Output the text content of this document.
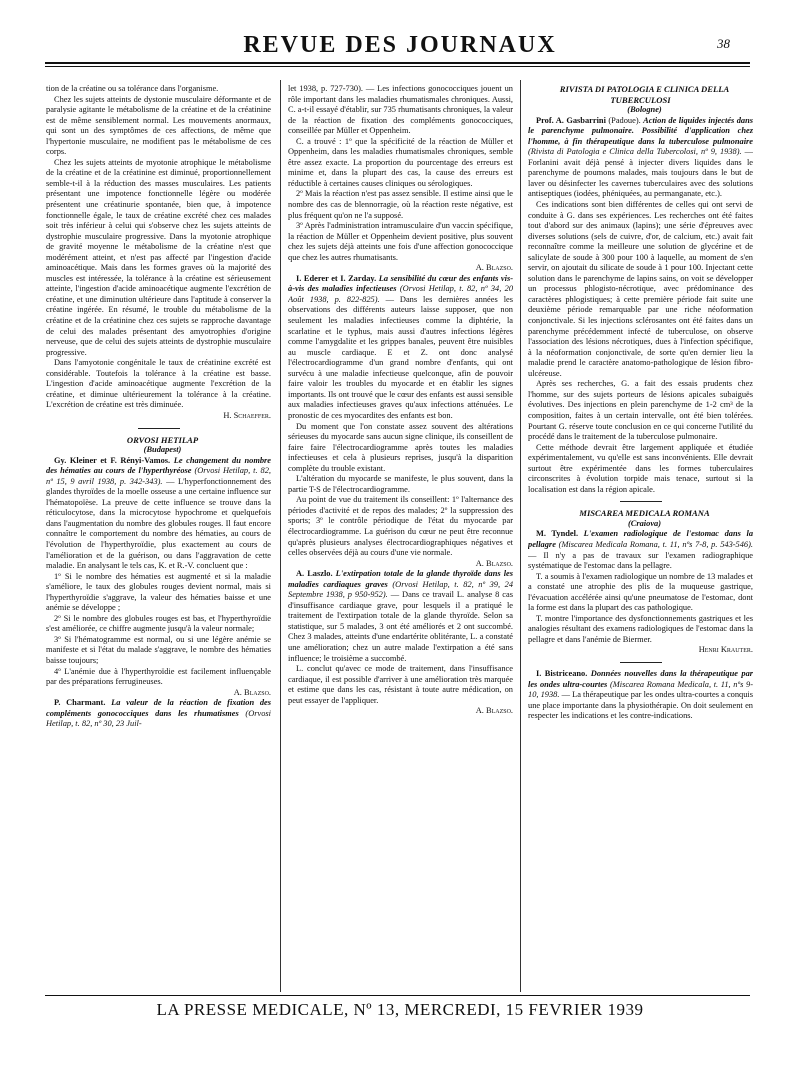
REVUE DES JOURNAUX	38

tion de la créatine ou sa tolérance dans l'organisme.

Chez les sujets atteints de dystonie musculaire déformante et de paralysie agitante le métabolisme de la créatine et de la créatinine est de même sensiblement normal. Les mouvements anormaux, qui sont un des symptômes de ces affections, de même que l'hypertonie musculaire, ne modifient pas le métabolisme de ces corps.

Chez les sujets atteints de myotonie atrophique le métabolisme de la créatine et de la créatinine est diminué, proportionnellement semble-t-il à la réduction des masses musculaires. Les patients présentant une impotence fonctionnelle légère ou modérée présentent une créatinurie spontanée, bien que, à impotence fonctionnelle égale, le taux de créatine excrété chez ces malades soit très inférieur à celui qui s'observe chez les sujets atteints de dystrophie musculaire progressive. Dans la myotonie atrophique de gravité moyenne le métabolisme de la créatine n'est que modérément atteint, et n'est pas affecté par l'ingestion d'acide aminoacétique. Mais dans les formes graves où la majorité des muscles est intéressée, la tolérance à la créatine est sérieusement atteinte, l'ingestion d'acide aminoacétique augmente l'excrétion de créatine, et une diminution ultérieure dans l'aptitude à conserver la créatine ingérée. En résumé, le trouble du métabolisme de la créatine et de la créatinine chez ces sujets se rapproche davantage de celui des malades présentant des amyotrophies d'origine nerveuse, que de celui des sujets atteints de dystrophie musculaire progressive.

Dans l'amyotonie congénitale le taux de créatinine excrété est considérable. Toutefois la tolérance à la créatine est basse. L'ingestion d'acide aminoacétique augmente l'excrétion de la créatine, et diminue ultérieurement la tolérance à la créatine. L'excrétion de créatine est très diminuée.

H. Schaeffer.

ORVOSI HETILAP

(Budapest)

Gy. Kleiner et F. Rényi-Vamos. Le changement du nombre des hématies au cours de l'hyperthyréose (Orvosi Hetilap, t. 82, nº 15, 9 avril 1938, p. 342-343). — L'hyperfonctionnement des glandes thyroïdes de la moelle osseuse a une certaine influence sur l'hématopoïèse. La preuve de cette influence se trouve dans la réticulocytose, dans la microcytose hypochrome et quelquefois dans l'augmentation du nombre des globules rouges. Il faut encore connaître le comportement du nombre des hématies, au cours de l'évolution de l'hyperthyroïdie, plus exactement au cours de l'amélioration et de la guérison, ou dans l'aggravation de cette maladie. En analysant le tels cas, K. et R.-V. concluent que :

1º Si le nombre des hématies est augmenté et si la maladie s'améliore, le taux des globules rouges devient normal, mais si l'hyperthyroïdie s'aggrave, la valeur des hématies baisse et une anémie se développe ;

2º Si le nombre des globules rouges est bas, et l'hyperthyroïdie s'est améliorée, ce chiffre augmente jusqu'à la valeur normale;

3º Si l'hématogramme est normal, ou si une légère anémie se manifeste et si l'état du malade s'aggrave, le nombre des hématies baisse toujours;

4º L'anémie due à l'hyperthyroïdie est facilement influençable par des préparations ferrugineuses.

A. Blazso.

P. Charmant. La valeur de la réaction de fixation des compléments gonococciques dans les rhumatismes (Orvosi Hetilap, t. 82, nº 30, 23 Juil-

let 1938, p. 727-730). — Les infections gonococciques jouent un rôle important dans les maladies rhumatismales chroniques. Aussi, C. a-t-il essayé d'établir, sur 735 rhumatisants chroniques, la valeur de la réaction de fixation des compléments gonococciques, conseillée par Müller et Oppenheim.

C. a trouvé : 1º que la spécificité de la réaction de Müller et Oppenheim, dans les maladies rhumatismales chroniques, semble être assez exacte. La proportion du pourcentage des erreurs est minime et, dans la plupart des cas, la cause des erreurs est réductible à certaines causes cliniques ou sérologiques.

2º Mais la réaction n'est pas assez sensible. Il estime ainsi que le nombre des cas de blennorragie, où la réaction reste négative, est plus fréquent qu'on ne l'a supposé.

3º Après l'administration intramusculaire d'un vaccin spécifique, la réaction de Müller et Oppenheim devient positive, plus souvent chez les sujets déjà atteints une fois d'une affection gonococcique que chez les autres rhumatisants.

A. Blazso.

I. Ederer et I. Zarday. La sensibilité du cœur des enfants vis-à-vis des maladies infectieuses (Orvosi Hetilap, t. 82, nº 34, 20 Août 1938, p. 822-825). — Dans les dernières années les observations des différents auteurs laisse supposer, que non seulement les maladies infectieuses comme la diphtérie, la scarlatine et le typhus, mais aussi d'autres infections légères comme l'amygdalite et les grippes banales, peuvent être nuisibles au muscle cardiaque. E et Z. ont donc analysé l'électrocardiogramme d'un grand nombre d'enfants, qui ont survécu à une maladie infectieuse quelconque, afin de pouvoir faire valoir les troubles du myocarde et en établir les signes importants. Ils ont trouvé que le cœur des enfants est aussi sensible aux maladies infectieuses graves qu'aux infections atténuées. Le pronostic de ces myocardites des enfants est bon.

Du moment que l'on constate assez souvent des altérations sérieuses du myocarde sans aucun signe clinique, ils conseillent de faire faire l'électrocardiogramme après toutes les maladies infectieuses et cela à plusieurs reprises, jusqu'à la disparition complète du trouble existant.

L'altération du myocarde se manifeste, le plus souvent, dans la partie T-S de l'électrocardiogramme.

Au point de vue du traitement ils conseillent: 1º l'alternance des périodes d'activité et de repos des malades; 2º la suppression des sports; 3º le contrôle périodique de l'état du myocarde par électrocardiogramme. La guérison du cœur ne peut être reconnue qu'après plusieurs analyses électrocardiographiques négatives et celles observées déjà au cours d'une vie normale.

A. Blazso.

A. Laszlo. L'extirpation totale de la glande thyroïde dans les maladies cardiaques graves (Orvosi Hetilap, t. 82, nº 39, 24 Septembre 1938, p 950-952). — Dans ce travail L. analyse 8 cas d'insuffisance cardiaque grave, pour lesquels il a pratiqué le traitement de l'extirpation totale de la glande thyroïde. Selon sa statistique, sur 5 malades, 3 ont été améliorés et 2 ont succombé. Chez 3 malades, atteints d'une endartérite oblitérante, L. a constaté une amélioration; chez un autre malade l'extirpation a été sans influence; le troisième a succombé.

L. conclut qu'avec ce mode de traitement, dans l'insuffisance cardiaque, il est possible d'arriver à une amélioration très marquée et estime que dans les cas, résistant à toute autre médication, on peut essayer de l'appliquer.

A. Blazso.

RIVISTA DI PATOLOGIA E CLINICA DELLA TUBERCULOSI

(Bologne)

Prof. A. Gasbarrini (Padoue). Action de liquides injectés dans le parenchyme pulmonaire. Possibilité d'application chez l'homme, à fin thérapeutique dans la tuberculose pulmonaire (Rivista di Patologia e Clinica della Tubercolosi, nº 9, 1938). — Forlanini avait déjà pensé à injecter divers liquides dans le parenchyme de poumons malades, mais toujours dans le but de laver ou désinfecter les cavernes tuberculaires avec des solutions antiseptiques (iodées, phéniquées, au permanganate, etc.).

Ces indications sont bien différentes de celles qui ont servi de conduite à G. dans ses expériences. Les recherches ont été faites tout d'abord sur des animaux (lapins); une série d'épreuves avec diverses solutions (sels de cuivre, d'or, de calcium, etc.) avait fait reconnaître comme la meilleure une solution de glycérine et de salicylate de soude à 300 pour 100 à laquelle, au moment de s'en servir, on ajoutait du silicate de soude à 1 pour 100. Injectant cette solution dans le parenchyme de lapins sains, on voit se développer un processus phlogisto-nécrotique, avec prédominance des caractères phlogistiques; à cette première période fait suite une deuxième période remarquable par une riche néoformation conjonctivale. Si les injections sclérosantes ont été faites dans un parenchyme précédemment infecté de tuberculose, on observe l'association des lésions nécrotiques, dues à l'infection spécifique, à la néoformation conjonctivale, de sorte qu'en dernier lieu la maladie prend le caractère anatomo-pathologique de lésion fibro-ulcéreuse.

Après ses recherches, G. a fait des essais prudents chez l'homme, sur des sujets porteurs de lésions apicales subaiguës évolutives. Des injections en plein parenchyme de 1-2 cm³ de la composition, faites à un certain intervalle, ont été bien tolérées. Pourtant G. réserve toute conclusion en ce qui concerne l'utilité du procédé dans le traitement de la tuberculose pulmonaire.

Cette méthode devrait être largement appliquée et étudiée expérimentalement, vu qu'elle est sans inconvénients. Elle devrait surtout être expérimentée dans les formes tuberculaires circonscrites à évolution torpide mais tenace, surtout si la localisation est dans la région apicale.

MISCAREA MEDICALA ROMANA

(Craiova)

M. Tyndel. L'examen radiologique de l'estomac dans la pellagre (Miscarea Medicala Romana, t. 11, nºs 7-8, p. 543-546). — Il n'y a pas de travaux sur l'examen radiographique systématique de l'estomac dans la pellagre.

T. a soumis à l'examen radiologique un nombre de 13 malades et a constaté une atrophie des plis de la muqueuse gastrique, l'évacuation accélérée ainsi qu'une pneumatose de l'estomac, dont la forme est dans la plupart des cas pathologique.

T. montre l'importance des dysfonctionnements gastriques et les analogies résultant des examens radiologiques de l'estomac dans la pellagre et dans l'anémie de Biermer.

Henri Krauter.

I. Bistriceano. Données nouvelles dans la thérapeutique par les ondes ultra-courtes (Miscarea Romana Medicala, t. 11, nºs 9-10, 1938. — La thérapeutique par les ondes ultra-courtes a conquis une place importante dans la physiothérapie. On doit seulement en respecter les indications et les contre-indications.

LA PRESSE MEDICALE, Nº 13, MERCREDI, 15 FEVRIER 1939
